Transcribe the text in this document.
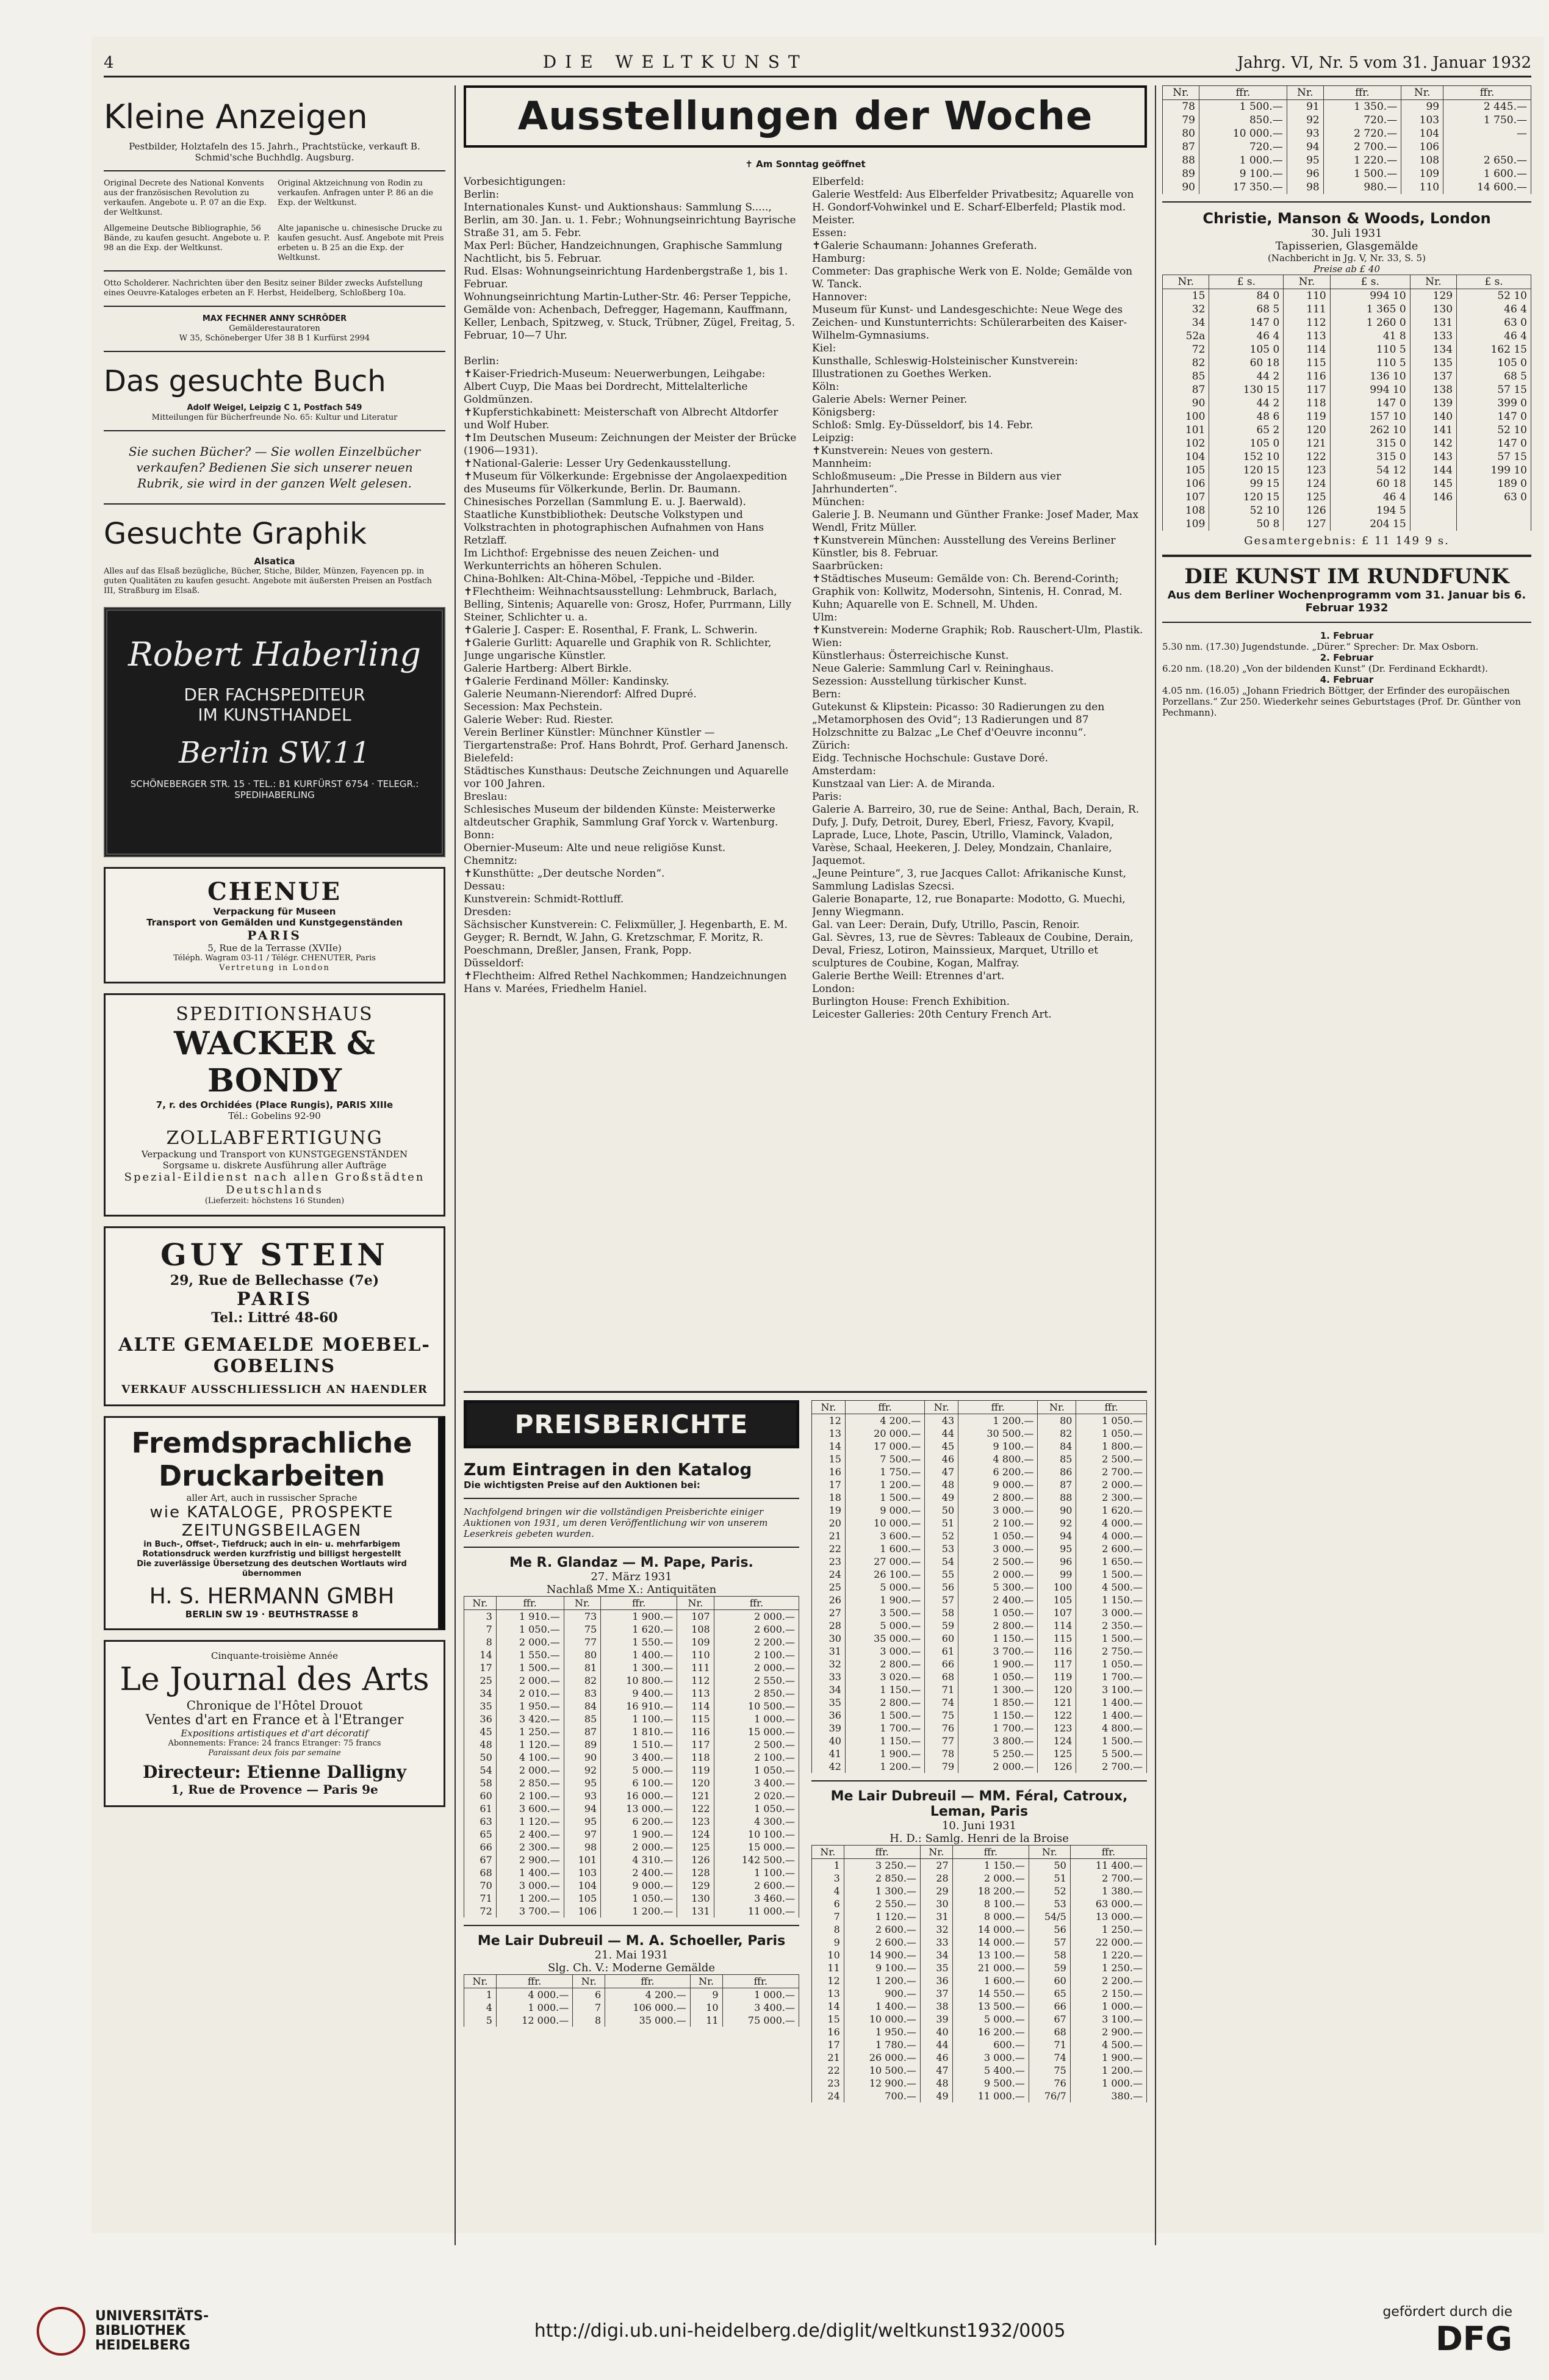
4	DIE WELTKUNST	Jahrg. VI, Nr. 5 vom 31. Januar 1932
Kleine Anzeigen
Pestbilder, Holztafeln des 15. Jahrh., Prachtstücke, verkauft B. Schmid'sche Buchhdlg. Augsburg.
Original Decrete des National Konvents aus der französischen Revolution zu verkaufen. Angebote u. P. 07 an die Exp. der Weltkunst.
Original Aktzeichnung von Rodin zu verkaufen. Anfragen unter P. 86 an die Exp. der Weltkunst.
Allgemeine Deutsche Bibliographie, 56 Bände, zu kaufen gesucht. Angebote u. P. 98 an die Exp. der Weltkunst.
Alte japanische u. chinesische Drucke zu kaufen gesucht. Ausf. Angebote mit Preis erbeten u. B 25 an die Exp. der Weltkunst.
Otto Scholderer. Nachrichten über den Besitz seiner Bilder zwecks Aufstellung eines Oeuvre-Kataloges erbeten an F. Herbst, Heidelberg, Schloßberg 10a.
MAX FECHNER ANNY SCHRÖDER
Gemälderestauratoren
W 35, Schöneberger Ufer 38 B 1 Kurfürst 2994
Das gesuchte Buch
Adolf Weigel, Leipzig C 1, Postfach 549
Mitteilungen für Bücherfreunde No. 65: Kultur und Literatur
Sie suchen Bücher? — Sie wollen Einzelbücher verkaufen? Bedienen Sie sich unserer neuen Rubrik, sie wird in der ganzen Welt gelesen.
Gesuchte Graphik
Alsatica
Alles auf das Elsaß bezügliche, Bücher, Stiche, Bilder, Münzen, Fayencen pp. in guten Qualitäten zu kaufen gesucht. Angebote mit äußersten Preisen an Postfach III, Straßburg im Elsaß.
Robert Haberling
DER FACHSPEDITEUR
IM KUNSTHANDEL
Berlin SW.11
SCHÖNEBERGER STR. 15 · TEL.: B1 KURFÜRST 6754 · TELEGR.: SPEDIHABERLING
CHENUE
Verpackung für Museen
Transport von Gemälden und Kunstgegenständen
PARIS
5, Rue de la Terrasse (XVIIe)
Téléph. Wagram 03-11 / Télégr. CHENUTER, Paris
Vertretung in London
SPEDITIONSHAUS
WACKER & BONDY
7, r. des Orchidées (Place Rungis), PARIS XIIIe
Tél.: Gobelins 92-90
ZOLLABFERTIGUNG
Verpackung und Transport von KUNSTGEGENSTÄNDEN
Sorgsame u. diskrete Ausführung aller Aufträge
Spezial-Eildienst nach allen Großstädten Deutschlands
(Lieferzeit: höchstens 16 Stunden)
GUY STEIN
29, Rue de Bellechasse (7e)
PARIS
Tel.: Littré 48-60
ALTE GEMAELDE MOEBEL-GOBELINS
VERKAUF AUSSCHLIESSLICH AN HAENDLER
Fremdsprachliche Druckarbeiten
aller Art, auch in russischer Sprache
wie KATALOGE, PROSPEKTE ZEITUNGSBEILAGEN
in Buch-, Offset-, Tiefdruck; auch in ein- u. mehrfarbigem Rotationsdruck werden kurzfristig und billigst hergestellt
Die zuverlässige Übersetzung des deutschen Wortlauts wird übernommen
H. S. HERMANN GMBH
BERLIN SW 19 · BEUTHSTRASSE 8
Cinquante-troisième Année
Le Journal des Arts
Chronique de l'Hôtel Drouot
Ventes d'art en France et à l'Etranger
Expositions artistiques et d'art décoratif
Abonnements: France: 24 francs Etranger: 75 francs
Paraissant deux fois par semaine
Directeur: Etienne Dalligny
1, Rue de Provence — Paris 9e
Ausstellungen der Woche
✝ Am Sonntag geöffnet
Vorbesichtigungen:
Berlin:
Internationales Kunst- und Auktionshaus: Sammlung S....., Berlin, am 30. Jan. u. 1. Febr.; Wohnungseinrichtung Bayrische Straße 31, am 5. Febr.
Max Perl: Bücher, Handzeichnungen, Graphische Sammlung Nachtlicht, bis 5. Februar.
Rud. Elsas: Wohnungseinrichtung Hardenbergstraße 1, bis 1. Februar.
Wohnungseinrichtung Martin-Luther-Str. 46: Perser Teppiche, Gemälde von: Achenbach, Defregger, Hagemann, Kauffmann, Keller, Lenbach, Spitzweg, v. Stuck, Trübner, Zügel, Freitag, 5. Februar, 10—7 Uhr.

Berlin:
✝Kaiser-Friedrich-Museum: Neuerwerbungen, Leihgabe: Albert Cuyp, Die Maas bei Dordrecht, Mittelalterliche Goldmünzen.
✝Kupferstichkabinett: Meisterschaft von Albrecht Altdorfer und Wolf Huber.
✝Im Deutschen Museum: Zeichnungen der Meister der Brücke (1906—1931).
✝National-Galerie: Lesser Ury Gedenkausstellung.
✝Museum für Völkerkunde: Ergebnisse der Angolaexpedition des Museums für Völkerkunde, Berlin. Dr. Baumann. Chinesisches Porzellan (Sammlung E. u. J. Baerwald).
Staatliche Kunstbibliothek: Deutsche Volkstypen und Volkstrachten in photographischen Aufnahmen von Hans Retzlaff.
Im Lichthof: Ergebnisse des neuen Zeichen- und Werkunterrichts an höheren Schulen.
China-Bohlken: Alt-China-Möbel, -Teppiche und -Bilder.
✝Flechtheim: Weihnachtsausstellung: Lehmbruck, Barlach, Belling, Sintenis; Aquarelle von: Grosz, Hofer, Purrmann, Lilly Steiner, Schlichter u. a.
✝Galerie J. Casper: E. Rosenthal, F. Frank, L. Schwerin.
✝Galerie Gurlitt: Aquarelle und Graphik von R. Schlichter, Junge ungarische Künstler.
Galerie Hartberg: Albert Birkle.
✝Galerie Ferdinand Möller: Kandinsky.
Galerie Neumann-Nierendorf: Alfred Dupré.
Secession: Max Pechstein.
Galerie Weber: Rud. Riester.
Verein Berliner Künstler: Münchner Künstler — Tiergartenstraße: Prof. Hans Bohrdt, Prof. Gerhard Janensch.
Bielefeld:
Städtisches Kunsthaus: Deutsche Zeichnungen und Aquarelle vor 100 Jahren.
Breslau:
Schlesisches Museum der bildenden Künste: Meisterwerke altdeutscher Graphik, Sammlung Graf Yorck v. Wartenburg.
Bonn:
Obernier-Museum: Alte und neue religiöse Kunst.
Chemnitz:
✝Kunsthütte: „Der deutsche Norden“.
Dessau:
Kunstverein: Schmidt-Rottluff.
Dresden:
Sächsischer Kunstverein: C. Felixmüller, J. Hegenbarth, E. M. Geyger; R. Berndt, W. Jahn, G. Kretzschmar, F. Moritz, R. Poeschmann, Dreßler, Jansen, Frank, Popp.
Düsseldorf:
✝Flechtheim: Alfred Rethel Nachkommen; Handzeichnungen Hans v. Marées, Friedhelm Haniel.
Elberfeld:
Galerie Westfeld: Aus Elberfelder Privatbesitz; Aquarelle von H. Gondorf-Vohwinkel und E. Scharf-Elberfeld; Plastik mod. Meister.
Essen:
✝Galerie Schaumann: Johannes Greferath.
Hamburg:
Commeter: Das graphische Werk von E. Nolde; Gemälde von W. Tanck.
Hannover:
Museum für Kunst- und Landesgeschichte: Neue Wege des Zeichen- und Kunstunterrichts: Schülerarbeiten des Kaiser-Wilhelm-Gymnasiums.
Kiel:
Kunsthalle, Schleswig-Holsteinischer Kunstverein: Illustrationen zu Goethes Werken.
Köln:
Galerie Abels: Werner Peiner.
Königsberg:
Schloß: Smlg. Ey-Düsseldorf, bis 14. Febr.
Leipzig:
✝Kunstverein: Neues von gestern.
Mannheim:
Schloßmuseum: „Die Presse in Bildern aus vier Jahrhunderten“.
München:
Galerie J. B. Neumann und Günther Franke: Josef Mader, Max Wendl, Fritz Müller.
✝Kunstverein München: Ausstellung des Vereins Berliner Künstler, bis 8. Februar.
Saarbrücken:
✝Städtisches Museum: Gemälde von: Ch. Berend-Corinth; Graphik von: Kollwitz, Modersohn, Sintenis, H. Conrad, M. Kuhn; Aquarelle von E. Schnell, M. Uhden.
Ulm:
✝Kunstverein: Moderne Graphik; Rob. Rauschert-Ulm, Plastik.
Wien:
Künstlerhaus: Österreichische Kunst.
Neue Galerie: Sammlung Carl v. Reininghaus.
Sezession: Ausstellung türkischer Kunst.
Bern:
Gutekunst & Klipstein: Picasso: 30 Radierungen zu den „Metamorphosen des Ovid“; 13 Radierungen und 87 Holzschnitte zu Balzac „Le Chef d'Oeuvre inconnu“.
Zürich:
Eidg. Technische Hochschule: Gustave Doré.
Amsterdam:
Kunstzaal van Lier: A. de Miranda.
Paris:
Galerie A. Barreiro, 30, rue de Seine: Anthal, Bach, Derain, R. Dufy, J. Dufy, Detroit, Durey, Eberl, Friesz, Favory, Kvapil, Laprade, Luce, Lhote, Pascin, Utrillo, Vlaminck, Valadon, Varèse, Schaal, Heekeren, J. Deley, Mondzain, Chanlaire, Jaquemot.
„Jeune Peinture“, 3, rue Jacques Callot: Afrikanische Kunst, Sammlung Ladislas Szecsi.
Galerie Bonaparte, 12, rue Bonaparte: Modotto, G. Muechi, Jenny Wiegmann.
Gal. van Leer: Derain, Dufy, Utrillo, Pascin, Renoir.
Gal. Sèvres, 13, rue de Sèvres: Tableaux de Coubine, Derain, Deval, Friesz, Lotiron, Mainssieux, Marquet, Utrillo et sculptures de Coubine, Kogan, Malfray.
Galerie Berthe Weill: Etrennes d'art.
London:
Burlington House: French Exhibition.
Leicester Galleries: 20th Century French Art.
PREISBERICHTE
Zum Eintragen in den Katalog
Die wichtigsten Preise auf den Auktionen bei:
Nachfolgend bringen wir die vollständigen Preisberichte einiger Auktionen von 1931, um deren Veröffentlichung wir von unserem Leserkreis gebeten wurden.
Me R. Glandaz — M. Pape, Paris.
27. März 1931
Nachlaß Mme X.: Antiquitäten
Nr.	ffr.	Nr.	ffr.	Nr.	ffr.
3	1 910.—	73	1 900.—	107	2 000.—
7	1 050.—	75	1 620.—	108	2 600.—
8	2 000.—	77	1 550.—	109	2 200.—
14	1 550.—	80	1 400.—	110	2 100.—
17	1 500.—	81	1 300.—	111	2 000.—
25	2 000.—	82	10 800.—	112	2 550.—
34	2 010.—	83	9 400.—	113	2 850.—
35	1 950.—	84	16 910.—	114	10 500.—
36	3 420.—	85	1 100.—	115	1 000.—
45	1 250.—	87	1 810.—	116	15 000.—
48	1 120.—	89	1 510.—	117	2 500.—
50	4 100.—	90	3 400.—	118	2 100.—
54	2 000.—	92	5 000.—	119	1 050.—
58	2 850.—	95	6 100.—	120	3 400.—
60	2 100.—	93	16 000.—	121	2 020.—
61	3 600.—	94	13 000.—	122	1 050.—
63	1 120.—	95	6 200.—	123	4 300.—
65	2 400.—	97	1 900.—	124	10 100.—
66	2 300.—	98	2 000.—	125	15 000.—
67	2 900.—	101	4 310.—	126	142 500.—
68	1 400.—	103	2 400.—	128	1 100.—
70	3 000.—	104	9 000.—	129	2 600.—
71	1 200.—	105	1 050.—	130	3 460.—
72	3 700.—	106	1 200.—	131	11 000.—
Me Lair Dubreuil — M. A. Schoeller, Paris
21. Mai 1931
Slg. Ch. V.: Moderne Gemälde
Nr.	ffr.	Nr.	ffr.	Nr.	ffr.
1	4 000.—	6	4 200.—	9	1 000.—
4	1 000.—	7	106 000.—	10	3 400.—
5	12 000.—	8	35 000.—	11	75 000.—
Nr.	ffr.	Nr.	ffr.	Nr.	ffr.
12	4 200.—	43	1 200.—	80	1 050.—
13	20 000.—	44	30 500.—	82	1 050.—
14	17 000.—	45	9 100.—	84	1 800.—
15	7 500.—	46	4 800.—	85	2 500.—
16	1 750.—	47	6 200.—	86	2 700.—
17	1 200.—	48	9 000.—	87	2 000.—
18	1 500.—	49	2 800.—	88	2 300.—
19	9 000.—	50	3 000.—	90	1 620.—
20	10 000.—	51	2 100.—	92	4 000.—
21	3 600.—	52	1 050.—	94	4 000.—
22	1 600.—	53	3 000.—	95	2 600.—
23	27 000.—	54	2 500.—	96	1 650.—
24	26 100.—	55	2 000.—	99	1 500.—
25	5 000.—	56	5 300.—	100	4 500.—
26	1 900.—	57	2 400.—	105	1 150.—
27	3 500.—	58	1 050.—	107	3 000.—
28	5 000.—	59	2 800.—	114	2 350.—
30	35 000.—	60	1 150.—	115	1 500.—
31	3 000.—	61	3 700.—	116	2 750.—
32	2 800.—	66	1 900.—	117	1 050.—
33	3 020.—	68	1 050.—	119	1 700.—
34	1 150.—	71	1 300.—	120	3 100.—
35	2 800.—	74	1 850.—	121	1 400.—
36	1 500.—	75	1 150.—	122	1 400.—
39	1 700.—	76	1 700.—	123	4 800.—
40	1 150.—	77	3 800.—	124	1 500.—
41	1 900.—	78	5 250.—	125	5 500.—
42	1 200.—	79	2 000.—	126	2 700.—
Me Lair Dubreuil — MM. Féral, Catroux, Leman, Paris
10. Juni 1931
H. D.: Samlg. Henri de la Broise
Nr.	ffr.	Nr.	ffr.	Nr.	ffr.
1	3 250.—	27	1 150.—	50	11 400.—
3	2 850.—	28	2 000.—	51	2 700.—
4	1 300.—	29	18 200.—	52	1 380.—
6	2 550.—	30	8 100.—	53	63 000.—
7	1 120.—	31	8 000.—	54/5	13 000.—
8	2 600.—	32	14 000.—	56	1 250.—
9	2 600.—	33	14 000.—	57	22 000.—
10	14 900.—	34	13 100.—	58	1 220.—
11	9 100.—	35	21 000.—	59	1 250.—
12	1 200.—	36	1 600.—	60	2 200.—
13	900.—	37	14 550.—	65	2 150.—
14	1 400.—	38	13 500.—	66	1 000.—
15	10 000.—	39	5 000.—	67	3 100.—
16	1 950.—	40	16 200.—	68	2 900.—
17	1 780.—	44	600.—	71	4 500.—
21	26 000.—	46	3 000.—	74	1 900.—
22	10 500.—	47	5 400.—	75	1 200.—
23	12 900.—	48	9 500.—	76	1 000.—
24	700.—	49	11 000.—	76/7	380.—
Nr.	ffr.	Nr.	ffr.	Nr.	ffr.
78	1 500.—	91	1 350.—	99	2 445.—
79	850.—	92	720.—	103	1 750.—
80	10 000.—	93	2 720.—	104	—
87	720.—	94	2 700.—	106	
88	1 000.—	95	1 220.—	108	2 650.—
89	9 100.—	96	1 500.—	109	1 600.—
90	17 350.—	98	980.—	110	14 600.—
Christie, Manson & Woods, London
30. Juli 1931
Tapisserien, Glasgemälde
(Nachbericht in Jg. V, Nr. 33, S. 5)
Preise ab £ 40
Nr.	£ s.	Nr.	£ s.	Nr.	£ s.
15	84 0	110	994 10	129	52 10
32	68 5	111	1 365 0	130	46 4
34	147 0	112	1 260 0	131	63 0
52a	46 4	113	41 8	133	46 4
72	105 0	114	110 5	134	162 15
82	60 18	115	110 5	135	105 0
85	44 2	116	136 10	137	68 5
87	130 15	117	994 10	138	57 15
90	44 2	118	147 0	139	399 0
100	48 6	119	157 10	140	147 0
101	65 2	120	262 10	141	52 10
102	105 0	121	315 0	142	147 0
104	152 10	122	315 0	143	57 15
105	120 15	123	54 12	144	199 10
106	99 15	124	60 18	145	189 0
107	120 15	125	46 4	146	63 0
108	52 10	126	194 5		
109	50 8	127	204 15		
Gesamtergebnis: £ 11 149 9 s.
DIE KUNST IM RUNDFUNK
Aus dem Berliner Wochenprogramm vom 31. Januar bis 6. Februar 1932
1. Februar
5.30 nm. (17.30) Jugendstunde. „Dürer.“ Sprecher: Dr. Max Osborn.
2. Februar
6.20 nm. (18.20) „Von der bildenden Kunst“ (Dr. Ferdinand Eckhardt).
4. Februar
4.05 nm. (16.05) „Johann Friedrich Böttger, der Erfinder des europäischen Porzellans.“ Zur 250. Wiederkehr seines Geburtstages (Prof. Dr. Günther von Pechmann).
UNIVERSITÄTS-BIBLIOTHEK HEIDELBERG
http://digi.ub.uni-heidelberg.de/diglit/weltkunst1932/0005
gefördert durch die
DFG
